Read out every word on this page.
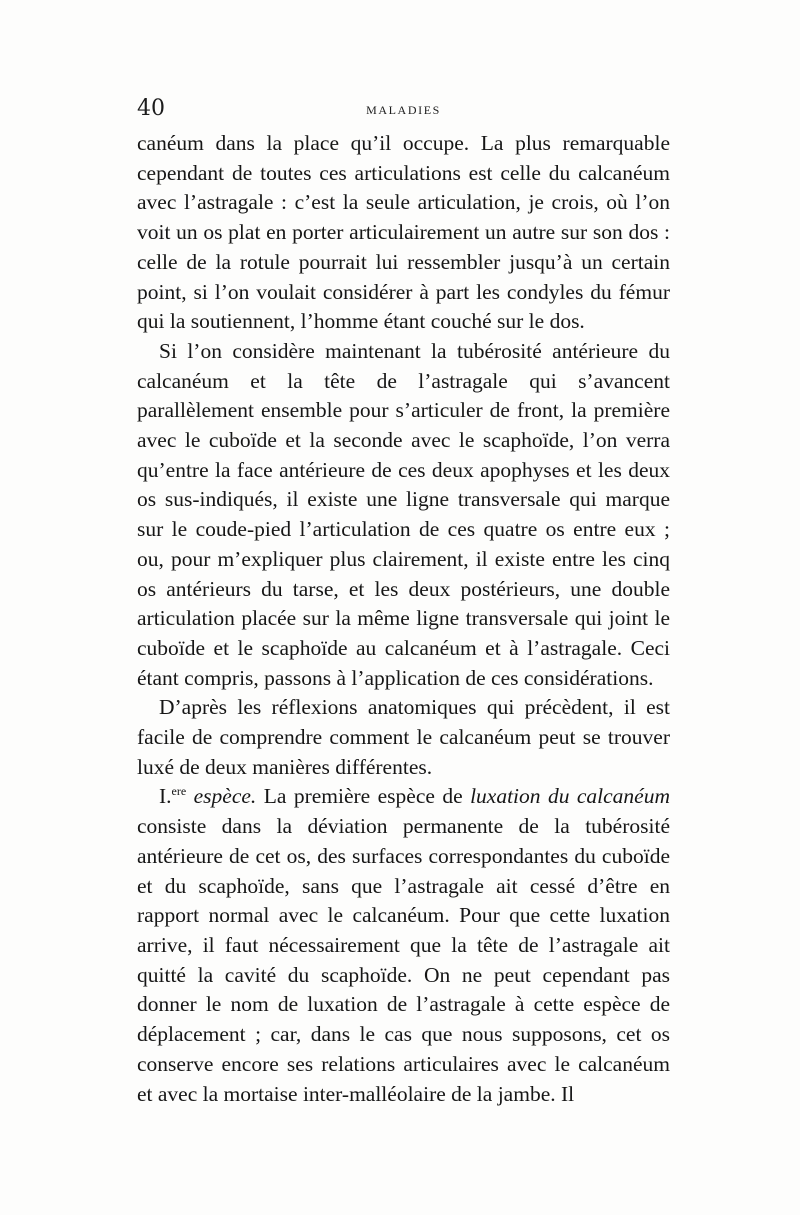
40	MALADIES

canéum dans la place qu’il occupe. La plus remarquable cependant de toutes ces articulations est celle du calcanéum avec l’astragale : c’est la seule articulation, je crois, où l’on voit un os plat en porter articulairement un autre sur son dos : celle de la rotule pourrait lui ressembler jusqu’à un certain point, si l’on voulait considérer à part les condyles du fémur qui la soutiennent, l’homme étant couché sur le dos.

Si l’on considère maintenant la tubérosité antérieure du calcanéum et la tête de l’astragale qui s’avancent parallèlement ensemble pour s’articuler de front, la première avec le cuboïde et la seconde avec le scaphoïde, l’on verra qu’entre la face antérieure de ces deux apophyses et les deux os sus-indiqués, il existe une ligne transversale qui marque sur le coude-pied l’articulation de ces quatre os entre eux ; ou, pour m’expliquer plus clairement, il existe entre les cinq os antérieurs du tarse, et les deux postérieurs, une double articulation placée sur la même ligne transversale qui joint le cuboïde et le scaphoïde au calcanéum et à l’astragale. Ceci étant compris, passons à l’application de ces considérations.

D’après les réflexions anatomiques qui précèdent, il est facile de comprendre comment le calcanéum peut se trouver luxé de deux manières différentes.

I.$^{ere}$ espèce. La première espèce de luxation du calcanéum consiste dans la déviation permanente de la tubérosité antérieure de cet os, des surfaces correspondantes du cuboïde et du scaphoïde, sans que l’astragale ait cessé d’être en rapport normal avec le calcanéum. Pour que cette luxation arrive, il faut nécessairement que la tête de l’astragale ait quitté la cavité du scaphoïde. On ne peut cependant pas donner le nom de luxation de l’astragale à cette espèce de déplacement ; car, dans le cas que nous supposons, cet os conserve encore ses relations articulaires avec le calcanéum et avec la mortaise inter-malléolaire de la jambe. Il
